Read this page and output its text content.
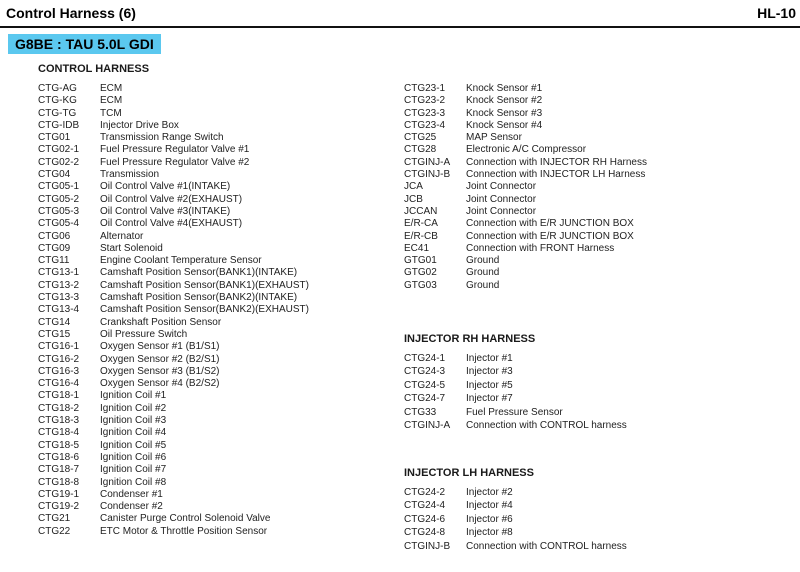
Control Harness (6)	HL-10
G8BE : TAU 5.0L GDI
CONTROL HARNESS
CTG-AG	ECM
CTG-KG	ECM
CTG-TG	TCM
CTG-IDB	Injector Drive Box
CTG01	Transmission Range Switch
CTG02-1	Fuel Pressure Regulator Valve #1
CTG02-2	Fuel Pressure Regulator Valve #2
CTG04	Transmission
CTG05-1	Oil Control Valve #1(INTAKE)
CTG05-2	Oil Control Valve #2(EXHAUST)
CTG05-3	Oil Control Valve #3(INTAKE)
CTG05-4	Oil Control Valve #4(EXHAUST)
CTG06	Alternator
CTG09	Start Solenoid
CTG11	Engine Coolant Temperature Sensor
CTG13-1	Camshaft Position Sensor(BANK1)(INTAKE)
CTG13-2	Camshaft Position Sensor(BANK1)(EXHAUST)
CTG13-3	Camshaft Position Sensor(BANK2)(INTAKE)
CTG13-4	Camshaft Position Sensor(BANK2)(EXHAUST)
CTG14	Crankshaft Position Sensor
CTG15	Oil Pressure Switch
CTG16-1	Oxygen Sensor #1 (B1/S1)
CTG16-2	Oxygen Sensor #2 (B2/S1)
CTG16-3	Oxygen Sensor #3 (B1/S2)
CTG16-4	Oxygen Sensor #4 (B2/S2)
CTG18-1	Ignition Coil #1
CTG18-2	Ignition Coil #2
CTG18-3	Ignition Coil #3
CTG18-4	Ignition Coil #4
CTG18-5	Ignition Coil #5
CTG18-6	Ignition Coil #6
CTG18-7	Ignition Coil #7
CTG18-8	Ignition Coil #8
CTG19-1	Condenser #1
CTG19-2	Condenser #2
CTG21	Canister Purge Control Solenoid Valve
CTG22	ETC Motor & Throttle Position Sensor
CTG23-1	Knock Sensor #1
CTG23-2	Knock Sensor #2
CTG23-3	Knock Sensor #3
CTG23-4	Knock Sensor #4
CTG25	MAP Sensor
CTG28	Electronic A/C Compressor
CTGINJ-A	Connection with INJECTOR RH Harness
CTGINJ-B	Connection with INJECTOR LH Harness
JCA	Joint Connector
JCB	Joint Connector
JCCAN	Joint Connector
E/R-CA	Connection with E/R JUNCTION BOX
E/R-CB	Connection with E/R JUNCTION BOX
EC41	Connection with FRONT Harness
GTG01	Ground
GTG02	Ground
GTG03	Ground
INJECTOR RH HARNESS
CTG24-1	Injector #1
CTG24-3	Injector #3
CTG24-5	Injector #5
CTG24-7	Injector #7
CTG33	Fuel Pressure Sensor
CTGINJ-A	Connection with CONTROL harness
INJECTOR LH HARNESS
CTG24-2	Injector #2
CTG24-4	Injector #4
CTG24-6	Injector #6
CTG24-8	Injector #8
CTGINJ-B	Connection with CONTROL harness
